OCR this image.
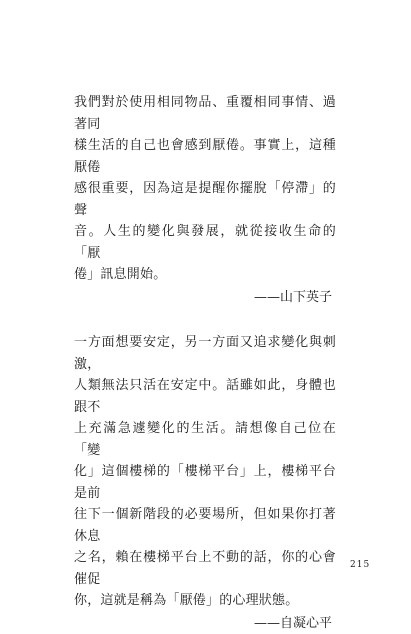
我們對於使用相同物品、重覆相同事情、過著同
樣生活的自己也會感到厭倦。事實上，這種厭倦
感很重要，因為這是提醒你擺脫「停滯」的聲
音。人生的變化與發展，就從接收生命的「厭
倦」訊息開始。

——山下英子

一方面想要安定，另一方面又追求變化與刺激，
人類無法只活在安定中。話雖如此，身體也跟不
上充滿急遽變化的生活。請想像自己位在「變
化」這個樓梯的「樓梯平台」上，樓梯平台是前
往下一個新階段的必要場所，但如果你打著休息
之名，賴在樓梯平台上不動的話，你的心會催促
你，這就是稱為「厭倦」的心理狀態。

——自凝心平

215
